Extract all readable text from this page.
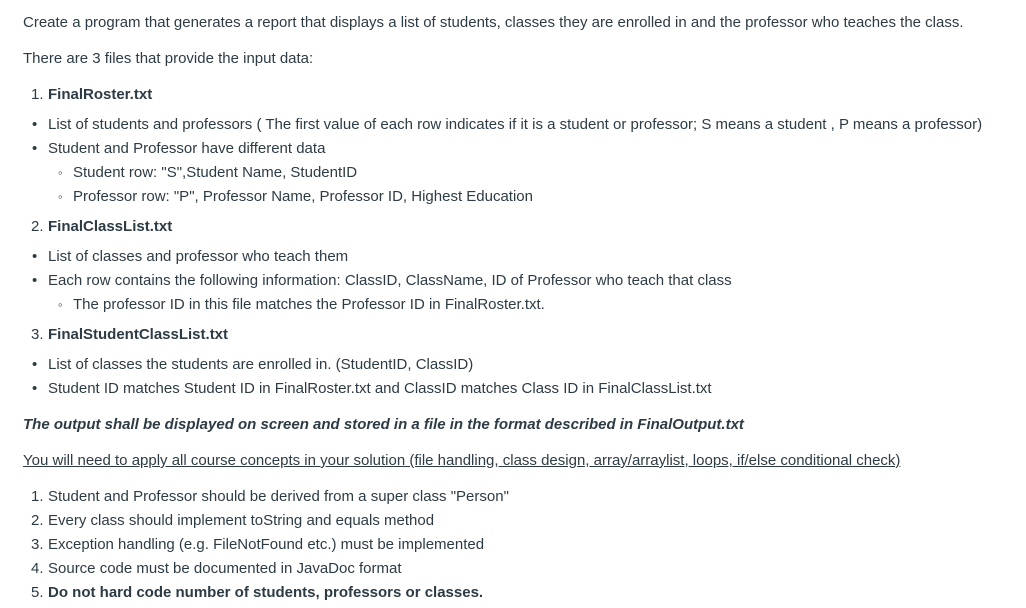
Create a program that generates a report that displays a list of students, classes they are enrolled in and the professor who teaches the class.
There are 3 files that provide the input data:
1. FinalRoster.txt
• List of students and professors ( The first value of each row indicates if it is a student or professor; S means a student , P means a professor)
• Student and Professor have different data
◦ Student row: "S",Student Name, StudentID
◦ Professor row: "P", Professor Name, Professor ID, Highest Education
2. FinalClassList.txt
• List of classes and professor who teach them
• Each row contains the following information: ClassID, ClassName, ID of Professor who teach that class
◦ The professor ID in this file matches the Professor ID in FinalRoster.txt.
3. FinalStudentClassList.txt
• List of classes the students are enrolled in. (StudentID, ClassID)
• Student ID matches Student ID in FinalRoster.txt and ClassID matches Class ID in FinalClassList.txt
The output shall be displayed on screen and stored in a file in the format described in FinalOutput.txt
You will need to apply all course concepts in your solution (file handling, class design, array/arraylist, loops, if/else conditional check)
1. Student and Professor should be derived from a super class "Person"
2. Every class should implement toString and equals method
3. Exception handling (e.g. FileNotFound etc.) must be implemented
4. Source code must be documented in JavaDoc format
5. Do not hard code number of students, professors or classes.
